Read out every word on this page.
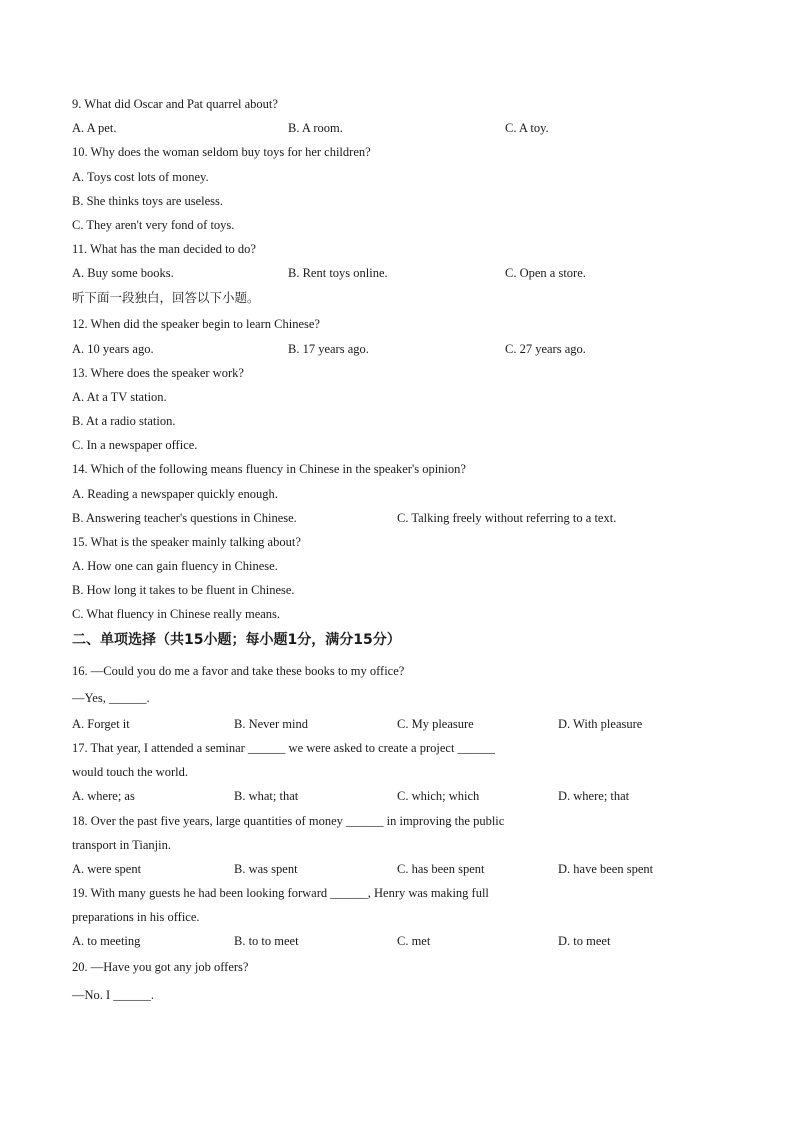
9. What did Oscar and Pat quarrel about?
A. A pet.	B. A room.	C. A toy.
10. Why does the woman seldom buy toys for her children?
A. Toys cost lots of money.
B. She thinks toys are useless.
C. They aren't very fond of toys.
11. What has the man decided to do?
A. Buy some books.	B. Rent toys online.	C. Open a store.
听下面一段独白，回答以下小题。
12. When did the speaker begin to learn Chinese?
A. 10 years ago.	B. 17 years ago.	C. 27 years ago.
13. Where does the speaker work?
A. At a TV station.
B. At a radio station.
C. In a newspaper office.
14. Which of the following means fluency in Chinese in the speaker's opinion?
A. Reading a newspaper quickly enough.
B. Answering teacher's questions in Chinese.	C. Talking freely without referring to a text.
15. What is the speaker mainly talking about?
A. How one can gain fluency in Chinese.
B. How long it takes to be fluent in Chinese.
C. What fluency in Chinese really means.
二、单项选择（共15小题；每小题1分，满分15分）
16. —Could you do me a favor and take these books to my office?
—Yes, ______.
A. Forget it	B. Never mind	C. My pleasure	D. With pleasure
17. That year, I attended a seminar ______ we were asked to create a project ______
would touch the world.
A. where; as	B. what; that	C. which; which	D. where; that
18. Over the past five years, large quantities of money ______ in improving the public
transport in Tianjin.
A. were spent	B. was spent	C. has been spent	D. have been spent
19. With many guests he had been looking forward ______, Henry was making full
preparations in his office.
A. to meeting	B. to to meet	C. met	D. to meet
20. —Have you got any job offers?
—No. I ______.
